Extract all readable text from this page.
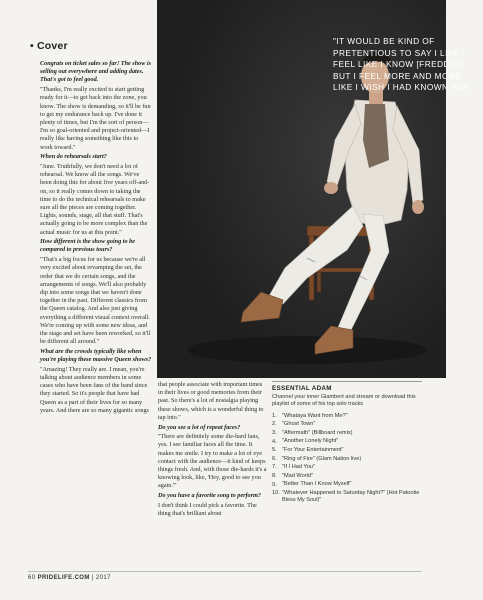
• Cover

Congrats on ticket sales so far! The show is selling out everywhere and adding dates. That's got to feel good.

"Thanks, I'm really excited to start getting ready for it—to get back into the zone, you know. The show is demanding, so it'll be fun to get my endurance back up. I've done it plenty of times, but I'm the sort of person—I'm so goal-oriented and project-oriented—I really like having something like this to work toward."

When do rehearsals start?

"June. Truthfully, we don't need a lot of rehearsal. We know all the songs. We've been doing this for about five years off-and-on, so it really comes down to taking the time to do the technical rehearsals to make sure all the pieces are coming together. Lights, sounds, stage, all that stuff. That's actually going to be more complex than the actual music for us at this point."

How different is the show going to be compared to previous tours?

"That's a big focus for us because we're all very excited about revamping the set, the order that we do certain songs, and the arrangements of songs. We'll also probably dip into some songs that we haven't done together in the past. Different classics from the Queen catalog. And also just giving everything a different visual context overall. We're coming up with some new ideas, and the stage and set have been reworked, so it'll be different all around."

What are the crowds typically like when you're playing these massive Queen shows?

"Amazing! They really are. I mean, you're talking about audience members in some cases who have been fans of the band since they started. So it's people that have had Queen as a part of their lives for so many years. And there are so many gigantic songs

"IT WOULD BE KIND OF PRETENTIOUS TO SAY I LIKE I FEEL LIKE I KNOW [FREDDIE]. BUT I FEEL MORE AND MORE LIKE I WISH I HAD KNOWN HIM."

that people associate with important times in their lives or good memories from their past. So there's a lot of nostalgia playing these shows, which is a wonderful thing to tap into."

Do you see a lot of repeat faces?

"There are definitely some die-hard fans, yes. I see familiar faces all the time. It makes me smile. I try to make a lot of eye contact with the audience—it kind of keeps things fresh. And, with those die-hards it's a knowing look, like, 'Hey, good to see you again.'"

Do you have a favorite song to perform?

I don't think I could pick a favorite. The thing that's brilliant about

ESSENTIAL ADAM
Channel your inner Glambert and stream or download this playlist of some of his top solo tracks
1. "Whataya Want from Me?"
2. "Ghost Town"
3. "Aftermath" (Billboard remix)
4. "Another Lonely Night"
5. "For Your Entertainment"
6. "Ring of Fire" (Glam Nation live)
7. "If I Had You"
8. "Mad World"
9. "Better Than I Know Myself"
10. "Whatever Happened to Saturday Night?" (Hot Patootie Bless My Soul)"
60 PRIDELIFE.COM | 2017
